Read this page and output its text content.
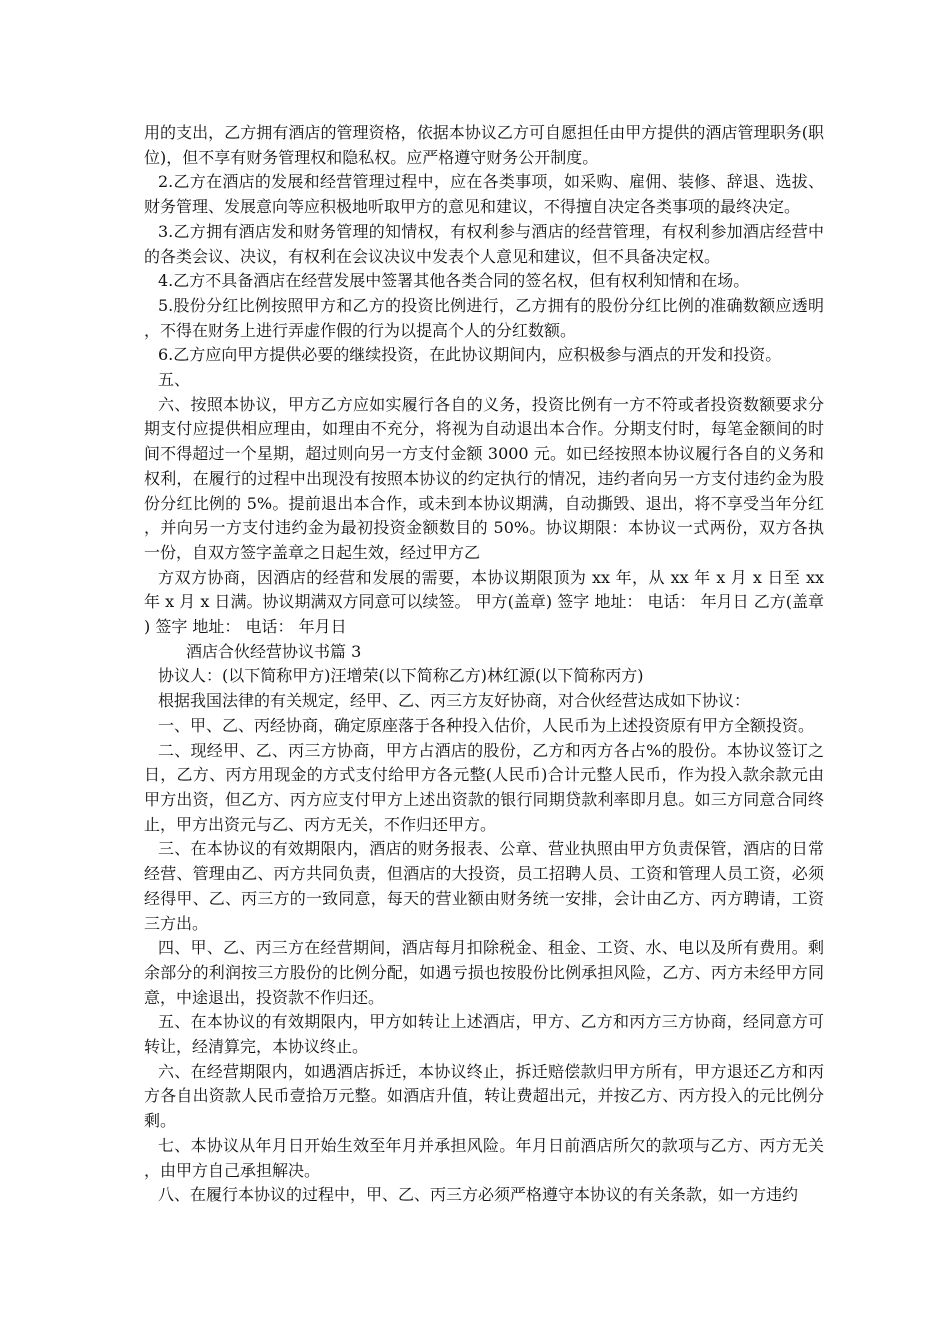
用的支出，乙方拥有酒店的管理资格，依据本协议乙方可自愿担任由甲方提供的酒店管理职务(职位)，但不享有财务管理权和隐私权。应严格遵守财务公开制度。

2.乙方在酒店的发展和经营管理过程中，应在各类事项，如采购、雇佣、装修、辞退、选拔、财务管理、发展意向等应积极地听取甲方的意见和建议，不得擅自决定各类事项的最终决定。

3.乙方拥有酒店发和财务管理的知情权，有权利参与酒店的经营管理，有权利参加酒店经营中的各类会议、决议，有权利在会议决议中发表个人意见和建议，但不具备决定权。

4.乙方不具备酒店在经营发展中签署其他各类合同的签名权，但有权利知情和在场。

5.股份分红比例按照甲方和乙方的投资比例进行，乙方拥有的股份分红比例的准确数额应透明，不得在财务上进行弄虚作假的行为以提高个人的分红数额。

6.乙方应向甲方提供必要的继续投资，在此协议期间内，应积极参与酒点的开发和投资。

五、

六、按照本协议，甲方乙方应如实履行各自的义务，投资比例有一方不符或者投资数额要求分期支付应提供相应理由，如理由不充分，将视为自动退出本合作。分期支付时，每笔金额间的时间不得超过一个星期，超过则向另一方支付金额 3000 元。如已经按照本协议履行各自的义务和权利，在履行的过程中出现没有按照本协议的约定执行的情况，违约者向另一方支付违约金为股份分红比例的 5%。提前退出本合作，或未到本协议期满，自动撕毁、退出，将不享受当年分红，并向另一方支付违约金为最初投资金额数目的 50%。协议期限：本协议一式两份，双方各执一份，自双方签字盖章之日起生效，经过甲方乙

方双方协商，因酒店的经营和发展的需要，本协议期限顶为 xx 年，从 xx 年 x 月 x 日至 xx 年 x 月 x 日满。协议期满双方同意可以续签。 甲方(盖章) 签字 地址： 电话： 年月日 乙方(盖章) 签字 地址： 电话： 年月日

酒店合伙经营协议书篇 3

协议人：(以下简称甲方)汪增荣(以下简称乙方)林红源(以下简称丙方)

根据我国法律的有关规定，经甲、乙、丙三方友好协商，对合伙经营达成如下协议：

一、甲、乙、丙经协商，确定原座落于各种投入估价，人民币为上述投资原有甲方全额投资。

二、现经甲、乙、丙三方协商，甲方占酒店的股份，乙方和丙方各占%的股份。本协议签订之日，乙方、丙方用现金的方式支付给甲方各元整(人民币)合计元整人民币，作为投入款余款元由甲方出资，但乙方、丙方应支付甲方上述出资款的银行同期贷款利率即月息。如三方同意合同终止，甲方出资元与乙、丙方无关，不作归还甲方。

三、在本协议的有效期限内，酒店的财务报表、公章、营业执照由甲方负责保管，酒店的日常经营、管理由乙、丙方共同负责，但酒店的大投资，员工招聘人员、工资和管理人员工资，必须经得甲、乙、丙三方的一致同意，每天的营业额由财务统一安排，会计由乙方、丙方聘请，工资三方出。

四、甲、乙、丙三方在经营期间，酒店每月扣除税金、租金、工资、水、电以及所有费用。剩余部分的利润按三方股份的比例分配，如遇亏损也按股份比例承担风险，乙方、丙方未经甲方同意，中途退出，投资款不作归还。

五、在本协议的有效期限内，甲方如转让上述酒店，甲方、乙方和丙方三方协商，经同意方可转让，经清算完，本协议终止。

六、在经营期限内，如遇酒店拆迁，本协议终止，拆迁赔偿款归甲方所有，甲方退还乙方和丙方各自出资款人民币壹拾万元整。如酒店升值，转让费超出元，并按乙方、丙方投入的元比例分剩。

七、本协议从年月日开始生效至年月并承担风险。年月日前酒店所欠的款项与乙方、丙方无关，由甲方自己承担解决。

八、在履行本协议的过程中，甲、乙、丙三方必须严格遵守本协议的有关条款，如一方违约
